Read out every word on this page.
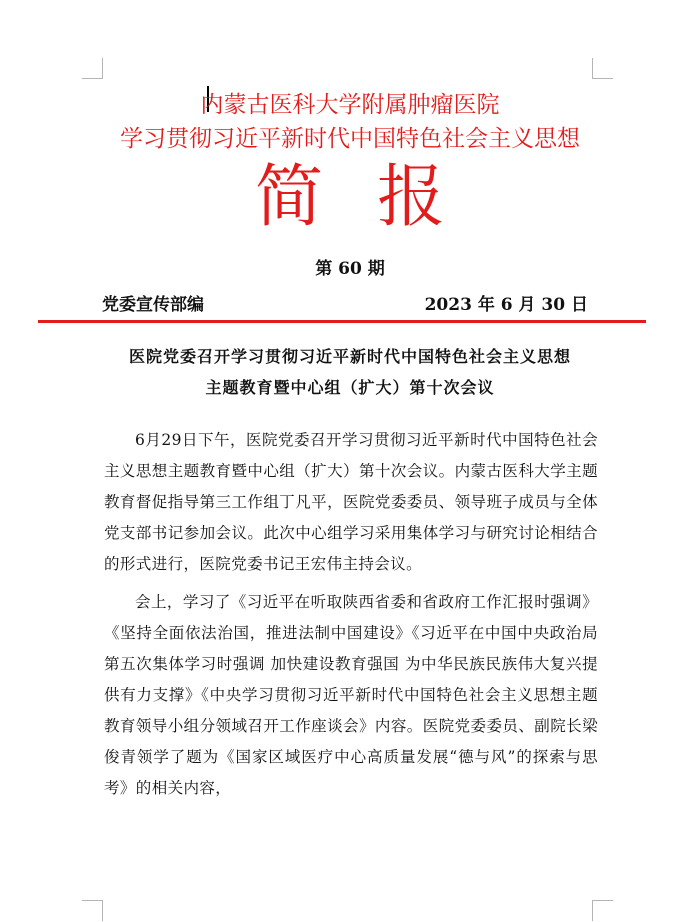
内蒙古医科大学附属肿瘤医院
学习贯彻习近平新时代中国特色社会主义思想
简报
第 60 期
党委宣传部编	2023 年 6 月 30 日
医院党委召开学习贯彻习近平新时代中国特色社会主义思想
主题教育暨中心组（扩大）第十次会议

6月29日下午，医院党委召开学习贯彻习近平新时代中国特色社会主义思想主题教育暨中心组（扩大）第十次会议。内蒙古医科大学主题教育督促指导第三工作组丁凡平，医院党委委员、领导班子成员与全体党支部书记参加会议。此次中心组学习采用集体学习与研究讨论相结合的形式进行，医院党委书记王宏伟主持会议。

会上，学习了《习近平在听取陕西省委和省政府工作汇报时强调》《坚持全面依法治国，推进法制中国建设》《习近平在中国中央政治局第五次集体学习时强调 加快建设教育强国 为中华民族民族伟大复兴提供有力支撑》《中央学习贯彻习近平新时代中国特色社会主义思想主题教育领导小组分领域召开工作座谈会》内容。医院党委委员、副院长梁俊青领学了题为《国家区域医疗中心高质量发展“德与风”的探索与思考》的相关内容，
